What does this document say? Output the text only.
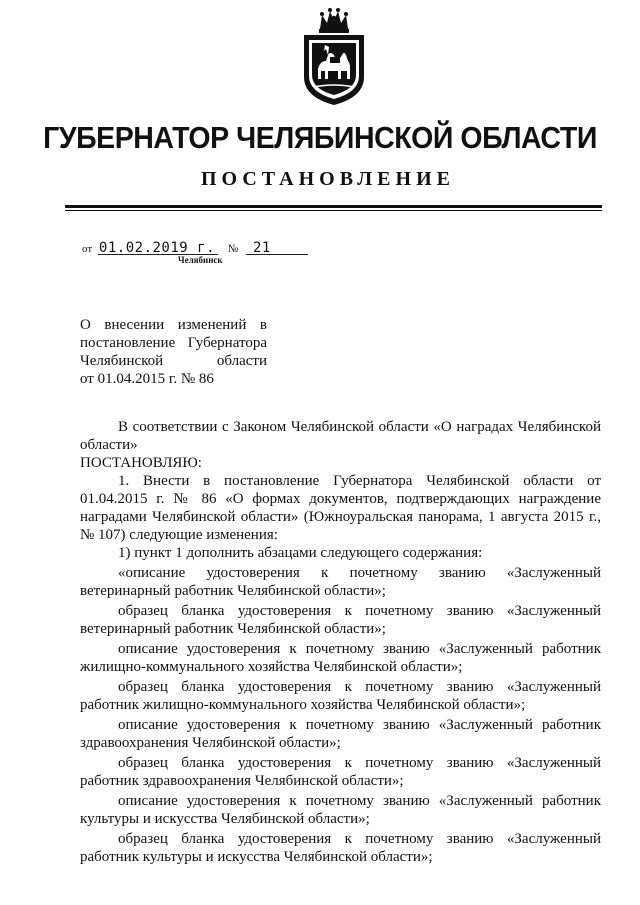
ГУБЕРНАТОР ЧЕЛЯБИНСКОЙ ОБЛАСТИ
ПОСТАНОВЛЕНИЕ
от 01.02.2019 г. № 21
Челябинск
О внесении изменений в
постановление Губернатора
Челябинской области
от 01.04.2015 г. № 86

В соответствии с Законом Челябинской области «О наградах Челябинской области»

ПОСТАНОВЛЯЮ:

1. Внести в постановление Губернатора Челябинской области от 01.04.2015 г. № 86 «О формах документов, подтверждающих награждение наградами Челябинской области» (Южноуральская панорама, 1 августа 2015 г., № 107) следующие изменения:

1) пункт 1 дополнить абзацами следующего содержания:

«описание удостоверения к почетному званию «Заслуженный ветеринарный работник Челябинской области»;

образец бланка удостоверения к почетному званию «Заслуженный ветеринарный работник Челябинской области»;

описание удостоверения к почетному званию «Заслуженный работник жилищно-коммунального хозяйства Челябинской области»;

образец бланка удостоверения к почетному званию «Заслуженный работник жилищно-коммунального хозяйства Челябинской области»;

описание удостоверения к почетному званию «Заслуженный работник здравоохранения Челябинской области»;

образец бланка удостоверения к почетному званию «Заслуженный работник здравоохранения Челябинской области»;

описание удостоверения к почетному званию «Заслуженный работник культуры и искусства Челябинской области»;

образец бланка удостоверения к почетному званию «Заслуженный работник культуры и искусства Челябинской области»;
